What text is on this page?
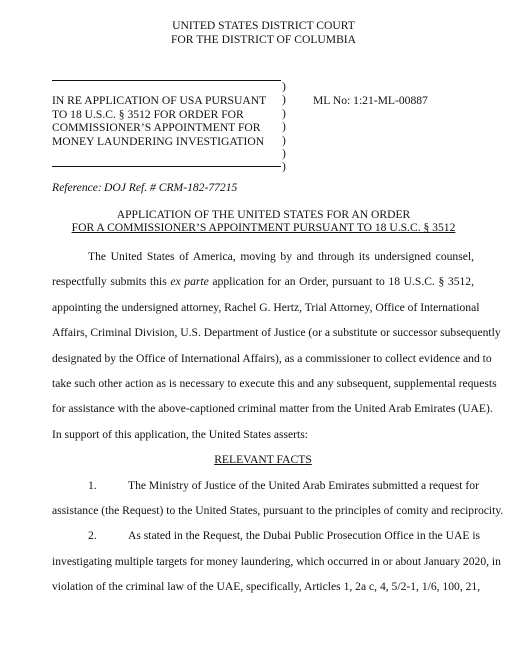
UNITED STATES DISTRICT COURT
FOR THE DISTRICT OF COLUMBIA
IN RE APPLICATION OF USA PURSUANT
TO 18 U.S.C. § 3512 FOR ORDER FOR
COMMISSIONER’S APPOINTMENT FOR
MONEY LAUNDERING INVESTIGATION
)
)
)
)
)
)
)
ML No: 1:21-ML-00887
Reference: DOJ Ref. # CRM-182-77215
APPLICATION OF THE UNITED STATES FOR AN ORDER
FOR A COMMISSIONER’S APPOINTMENT PURSUANT TO 18 U.S.C. § 3512
The United States of America, moving by and through its undersigned counsel,
respectfully submits this ex parte application for an Order, pursuant to 18 U.S.C. § 3512,
appointing the undersigned attorney, Rachel G. Hertz, Trial Attorney, Office of International
Affairs, Criminal Division, U.S. Department of Justice (or a substitute or successor subsequently
designated by the Office of International Affairs), as a commissioner to collect evidence and to
take such other action as is necessary to execute this and any subsequent, supplemental requests
for assistance with the above-captioned criminal matter from the United Arab Emirates (UAE).
In support of this application, the United States asserts:
RELEVANT FACTS
1.	The Ministry of Justice of the United Arab Emirates submitted a request for
assistance (the Request) to the United States, pursuant to the principles of comity and reciprocity.
2.	As stated in the Request, the Dubai Public Prosecution Office in the UAE is
investigating multiple targets for money laundering, which occurred in or about January 2020, in
violation of the criminal law of the UAE, specifically, Articles 1, 2a c, 4, 5/2-1, 1/6, 100, 21,
